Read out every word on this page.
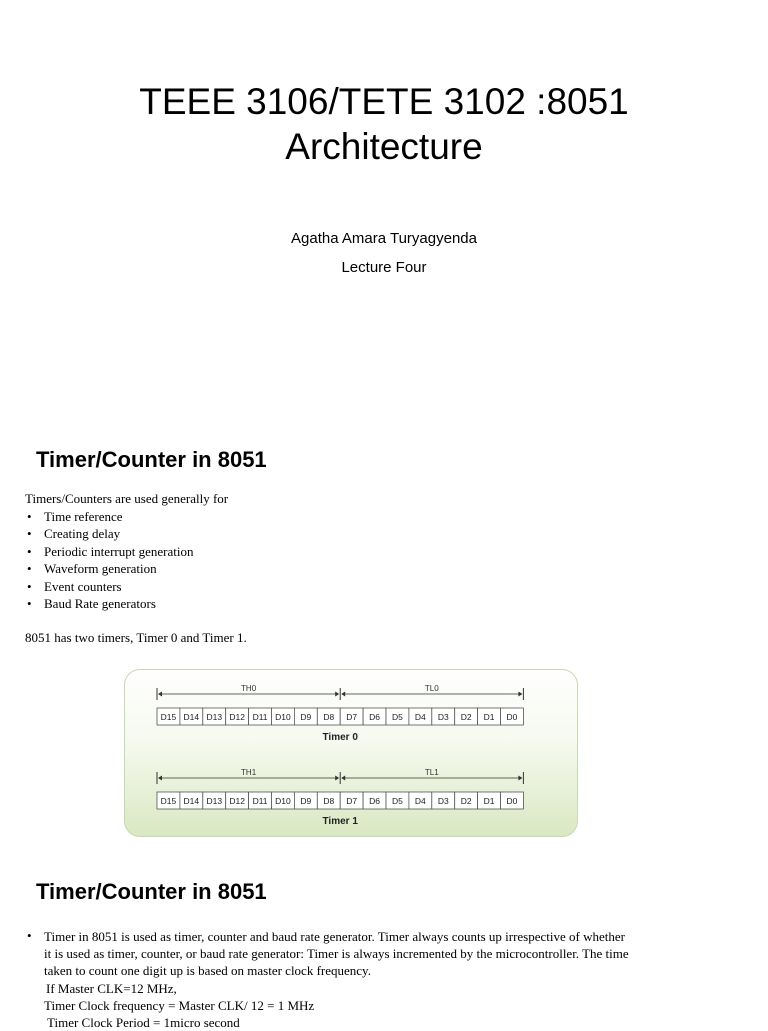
TEEE 3106/TETE 3102 :8051
Architecture
Agatha Amara Turyagyenda
Lecture Four
Timer/Counter in 8051
Timers/Counters are used generally for
• Time reference
• Creating delay
• Periodic interrupt generation
• Waveform generation
• Event counters
• Baud Rate generators
8051 has two timers, Timer 0 and Timer 1.
TH0	TL0
D15 D14 D13 D12 D11 D10 D9 D8 D7 D6 D5 D4 D3 D2 D1 D0
Timer 0
TH1	TL1
D15 D14 D13 D12 D11 D10 D9 D8 D7 D6 D5 D4 D3 D2 D1 D0
Timer 1
Timer/Counter in 8051
• Timer in 8051 is used as timer, counter and baud rate generator. Timer always counts up irrespective of whether
it is used as timer, counter, or baud rate generator: Timer is always incremented by the microcontroller. The time
taken to count one digit up is based on master clock frequency.
If Master CLK=12 MHz,
Timer Clock frequency = Master CLK/ 12 = 1 MHz
Timer Clock Period = 1micro second
